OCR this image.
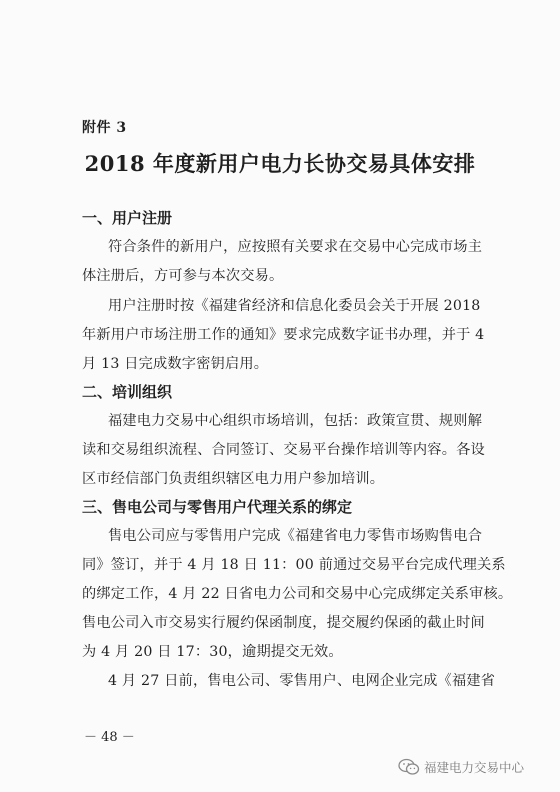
附件 3
2018 年度新用户电力长协交易具体安排
一、用户注册
符合条件的新用户，应按照有关要求在交易中心完成市场主
体注册后，方可参与本次交易。
用户注册时按《福建省经济和信息化委员会关于开展 2018
年新用户市场注册工作的通知》要求完成数字证书办理，并于 4
月 13 日完成数字密钥启用。
二、培训组织
福建电力交易中心组织市场培训，包括：政策宣贯、规则解
读和交易组织流程、合同签订、交易平台操作培训等内容。各设
区市经信部门负责组织辖区电力用户参加培训。
三、售电公司与零售用户代理关系的绑定
售电公司应与零售用户完成《福建省电力零售市场购售电合
同》签订，并于 4 月 18 日 11：00 前通过交易平台完成代理关系
的绑定工作，4 月 22 日省电力公司和交易中心完成绑定关系审核。
售电公司入市交易实行履约保函制度，提交履约保函的截止时间
为 4 月 20 日 17：30，逾期提交无效。
4 月 27 日前，售电公司、零售用户、电网企业完成《福建省
－ 48 －
福建电力交易中心
